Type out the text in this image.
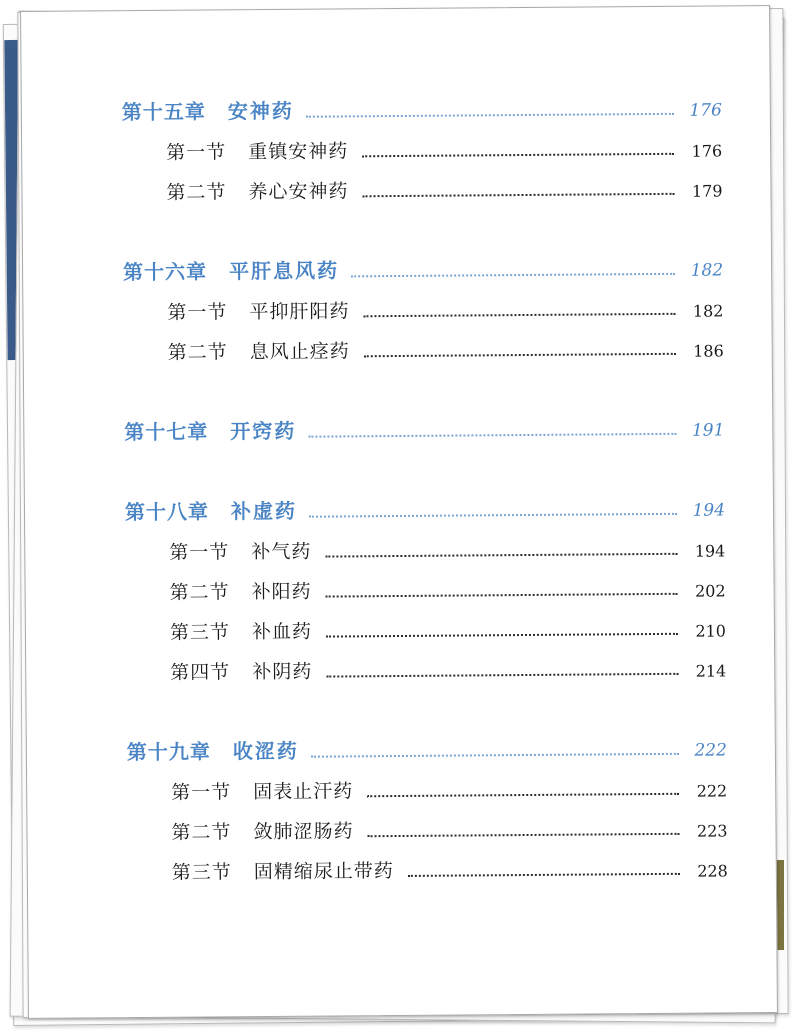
第十五章 安神药	176
第一节 重镇安神药	176
第二节 养心安神药	179
第十六章 平肝息风药	182
第一节 平抑肝阳药	182
第二节 息风止痉药	186
第十七章 开窍药	191
第十八章 补虚药	194
第一节 补气药	194
第二节 补阳药	202
第三节 补血药	210
第四节 补阴药	214
第十九章 收涩药	222
第一节 固表止汗药	222
第二节 敛肺涩肠药	223
第三节 固精缩尿止带药	228
